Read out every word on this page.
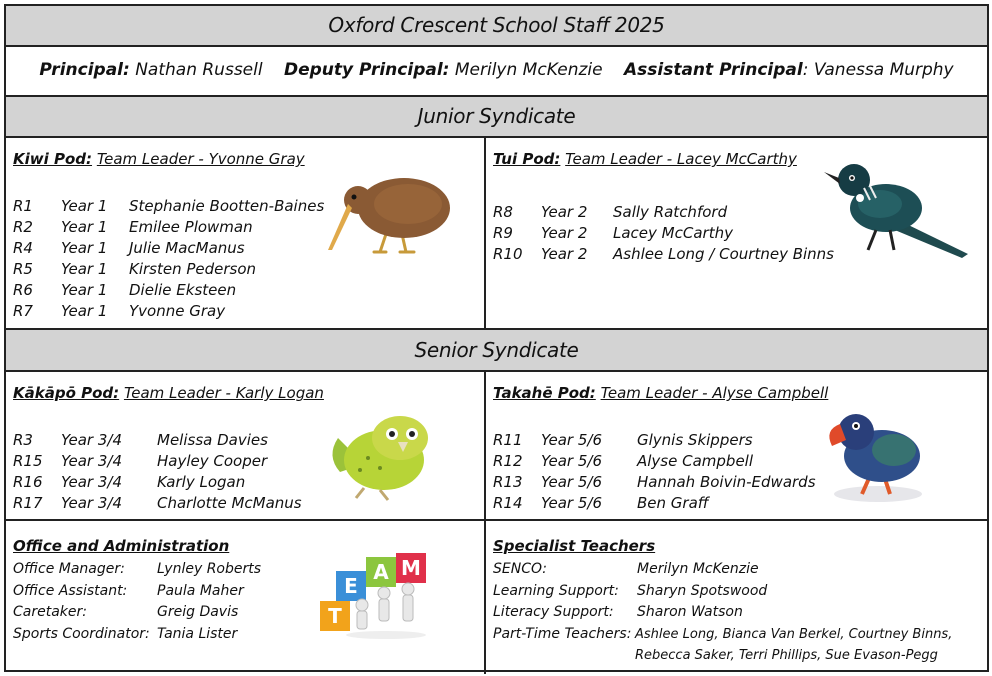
Oxford Crescent School Staff 2025
Principal: Nathan Russell Deputy Principal: Merilyn McKenzie Assistant Principal: Vanessa Murphy
Junior Syndicate
Kiwi Pod: Team Leader - Yvonne Gray
R1 Year 1 Stephanie Bootten-Baines
R2 Year 1 Emilee Plowman
R4 Year 1 Julie MacManus
R5 Year 1 Kirsten Pederson
R6 Year 1 Dielie Eksteen
R7 Year 1 Yvonne Gray
Tui Pod: Team Leader - Lacey McCarthy
R8 Year 2 Sally Ratchford
R9 Year 2 Lacey McCarthy
R10 Year 2 Ashlee Long / Courtney Binns
Senior Syndicate
Kākāpō Pod: Team Leader - Karly Logan
R3 Year 3/4 Melissa Davies
R15 Year 3/4 Hayley Cooper
R16 Year 3/4 Karly Logan
R17 Year 3/4 Charlotte McManus
Takahē Pod: Team Leader - Alyse Campbell
R11 Year 5/6 Glynis Skippers
R12 Year 5/6 Alyse Campbell
R13 Year 5/6 Hannah Boivin-Edwards
R14 Year 5/6 Ben Graff
Office and Administration
Office Manager: Lynley Roberts
Office Assistant: Paula Maher
Caretaker:	Greig Davis
Sports Coordinator: Tania Lister
T
E
A M
Specialist Teachers
SENCO:	Merilyn McKenzie
Learning Support: Sharyn Spotswood
Literacy Support: Sharon Watson
Part-Time Teachers: Ashlee Long, Bianca Van Berkel, Courtney Binns,
Rebecca Saker, Terri Phillips, Sue Evason-Pegg
